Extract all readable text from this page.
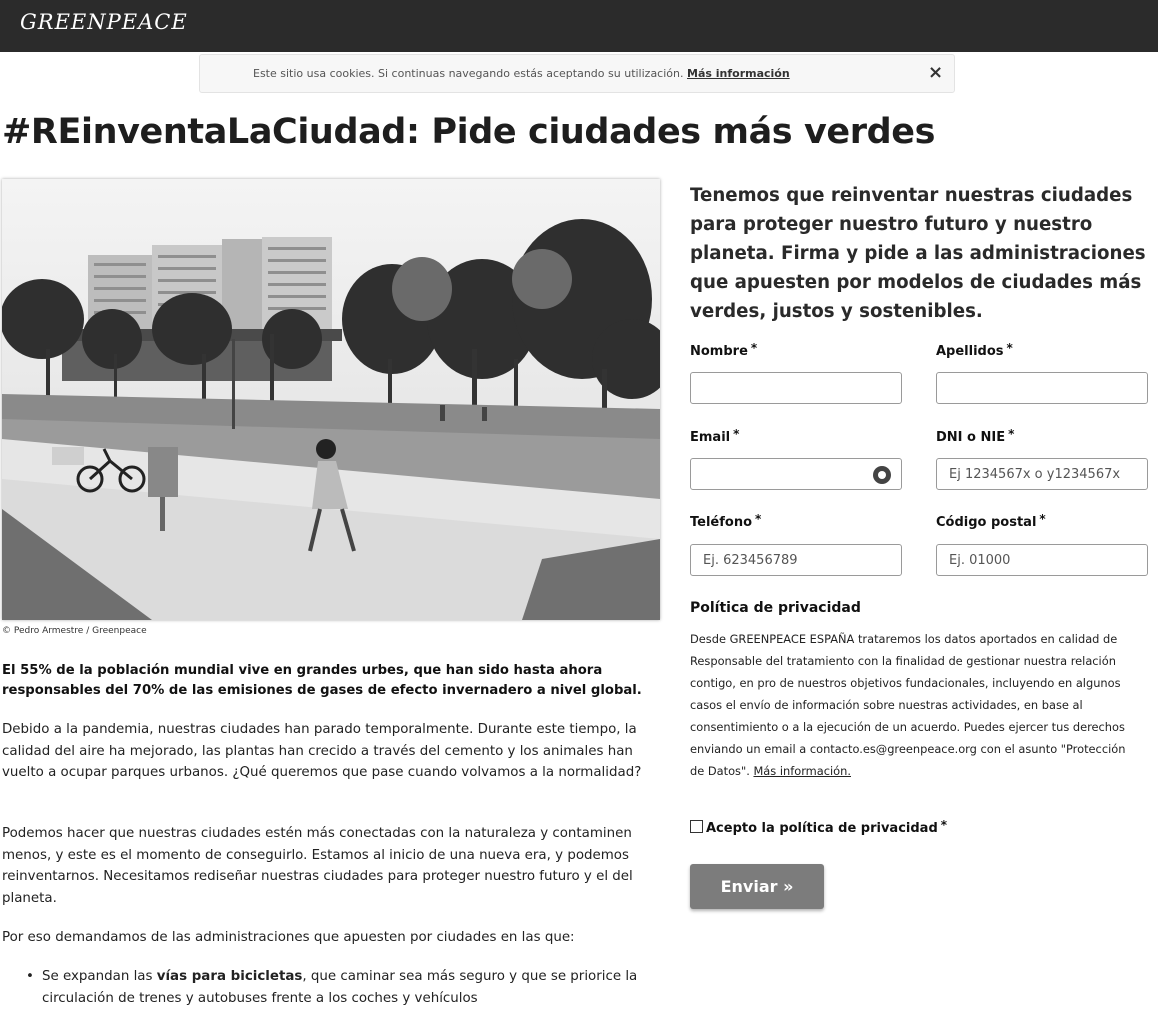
GREENPEACE
Este sitio usa cookies. Si continuas navegando estás aceptando su utilización. Más información	×
#REinventaLaCiudad: Pide ciudades más verdes
© Pedro Armestre / Greenpeace
El 55% de la población mundial vive en grandes urbes, que han sido hasta ahora responsables del 70% de las emisiones de gases de efecto invernadero a nivel global.
Debido a la pandemia, nuestras ciudades han parado temporalmente. Durante este tiempo, la calidad del aire ha mejorado, las plantas han crecido a través del cemento y los animales han vuelto a ocupar parques urbanos. ¿Qué queremos que pase cuando volvamos a la normalidad?
Podemos hacer que nuestras ciudades estén más conectadas con la naturaleza y contaminen menos, y este es el momento de conseguirlo. Estamos al inicio de una nueva era, y podemos reinventarnos. Necesitamos rediseñar nuestras ciudades para proteger nuestro futuro y el del planeta.
Por eso demandamos de las administraciones que apuesten por ciudades en las que:
• Se expandan las vías para bicicletas, que caminar sea más seguro y que se priorice la circulación de trenes y autobuses frente a los coches y vehículos
Tenemos que reinventar nuestras ciudades para proteger nuestro futuro y nuestro planeta. Firma y pide a las administraciones que apuesten por modelos de ciudades más verdes, justos y sostenibles.
Nombre *	Apellidos *
Email *	DNI o NIE *
Ej 1234567x o y1234567x
Teléfono *	Código postal *
Ej. 623456789
Ej. 01000
Política de privacidad
Desde GREENPEACE ESPAÑA trataremos los datos aportados en calidad de Responsable del tratamiento con la finalidad de gestionar nuestra relación contigo, en pro de nuestros objetivos fundacionales, incluyendo en algunos casos el envío de información sobre nuestras actividades, en base al consentimiento o a la ejecución de un acuerdo. Puedes ejercer tus derechos enviando un email a contacto.es@greenpeace.org con el asunto "Protección de Datos". Más información.
Acepto la política de privacidad *
Enviar »
